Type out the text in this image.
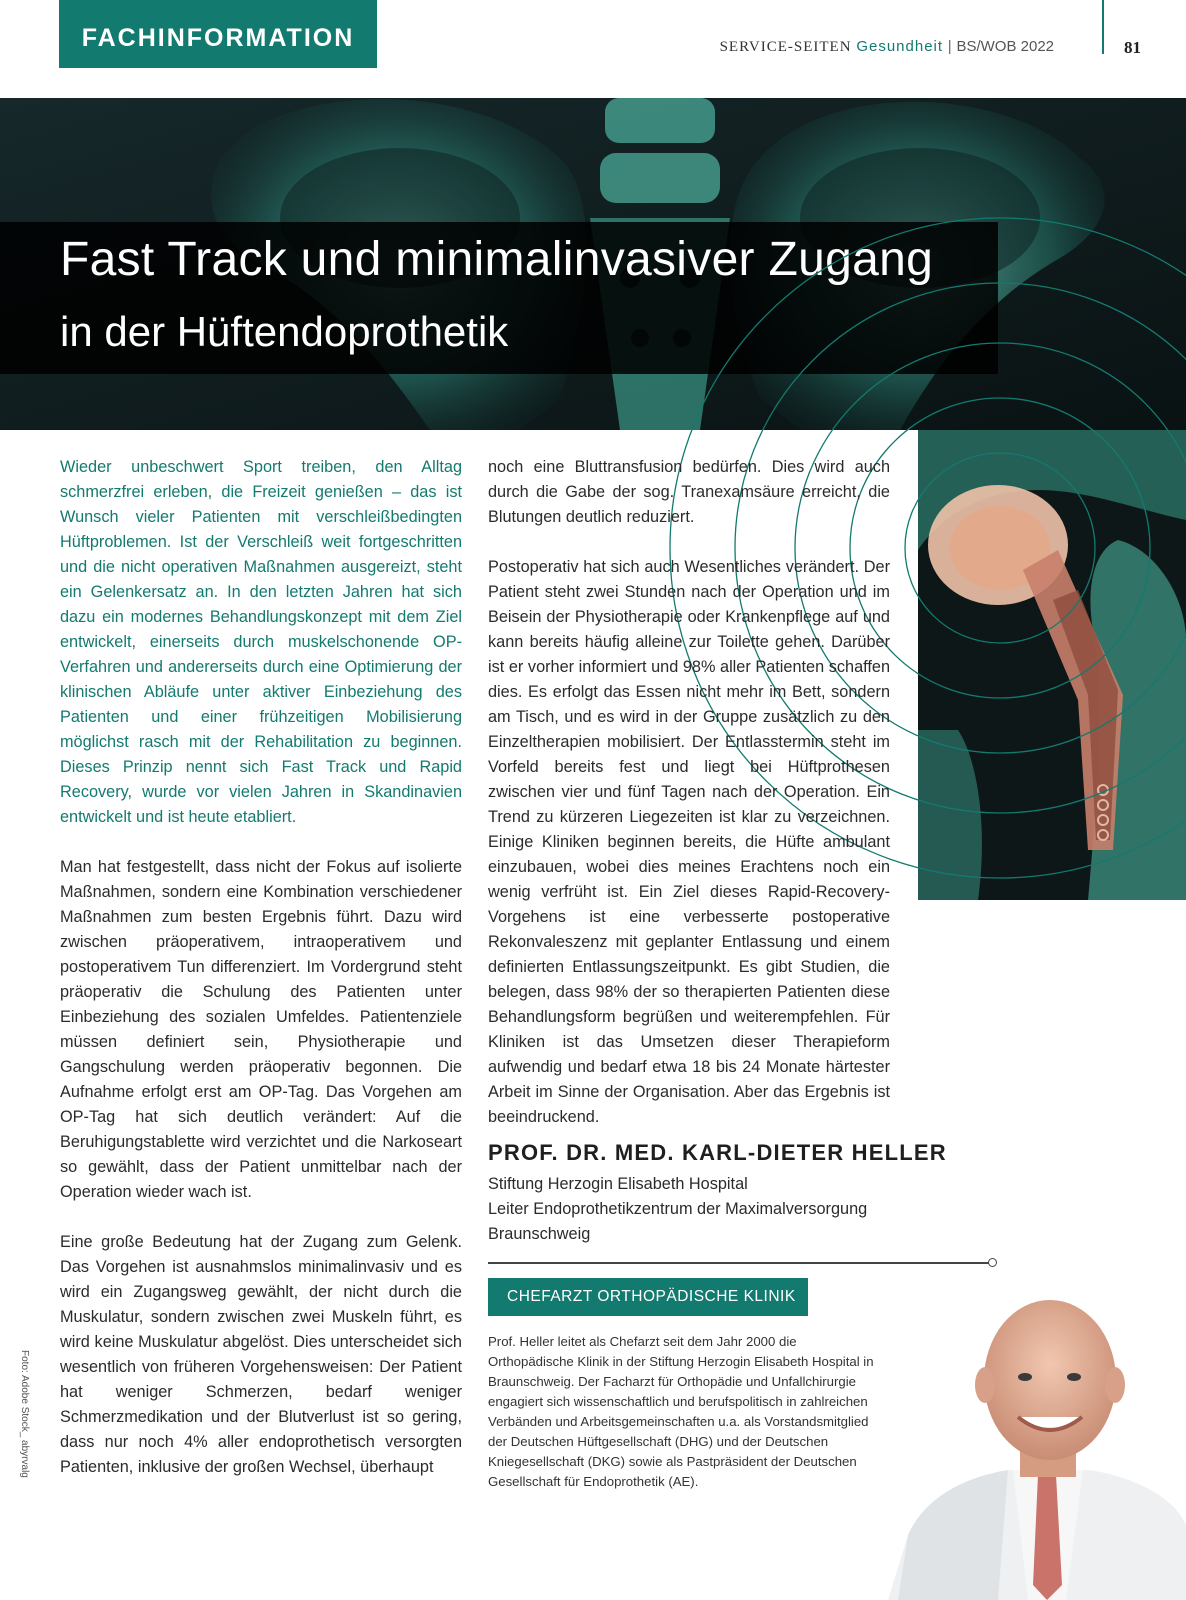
FACHINFORMATION	SERVICE-SEITEN Gesundheit | BS/WOB 2022	81
Fast Track und minimalinvasiver Zugang
in der Hüftendoprothetik

Wieder unbeschwert Sport treiben, den Alltag schmerzfrei erleben, die Freizeit genießen – das ist Wunsch vieler Patienten mit verschleißbedingten Hüftproblemen. Ist der Verschleiß weit fortgeschritten und die nicht operativen Maßnahmen ausgereizt, steht ein Gelenkersatz an. In den letzten Jahren hat sich dazu ein modernes Behandlungskonzept mit dem Ziel entwickelt, einerseits durch muskelschonende OP-Verfahren und andererseits durch eine Optimierung der klinischen Abläufe unter aktiver Einbeziehung des Patienten und einer frühzeitigen Mobilisierung möglichst rasch mit der Rehabilitation zu beginnen. Dieses Prinzip nennt sich Fast Track und Rapid Recovery, wurde vor vielen Jahren in Skandinavien entwickelt und ist heute etabliert.

Man hat festgestellt, dass nicht der Fokus auf isolierte Maßnahmen, sondern eine Kombination verschiedener Maßnahmen zum besten Ergebnis führt. Dazu wird zwischen präoperativem, intraoperativem und postoperativem Tun differenziert. Im Vordergrund steht präoperativ die Schulung des Patienten unter Einbeziehung des sozialen Umfeldes. Patientenziele müssen definiert sein, Physiotherapie und Gangschulung werden präoperativ begonnen. Die Aufnahme erfolgt erst am OP-Tag. Das Vorgehen am OP-Tag hat sich deutlich verändert: Auf die Beruhigungstablette wird verzichtet und die Narkoseart so gewählt, dass der Patient unmittelbar nach der Operation wieder wach ist.

Eine große Bedeutung hat der Zugang zum Gelenk. Das Vorgehen ist ausnahmslos minimalinvasiv und es wird ein Zugangsweg gewählt, der nicht durch die Muskulatur, sondern zwischen zwei Muskeln führt, es wird keine Muskulatur abgelöst. Dies unterscheidet sich wesentlich von früheren Vorgehensweisen: Der Patient hat weniger Schmerzen, bedarf weniger Schmerzmedikation und der Blutverlust ist so gering, dass nur noch 4% aller endoprothetisch versorgten Patienten, inklusive der großen Wechsel, überhaupt

noch eine Bluttransfusion bedürfen. Dies wird auch durch die Gabe der sog. Tranexamsäure erreicht, die Blutungen deutlich reduziert.

Postoperativ hat sich auch Wesentliches verändert. Der Patient steht zwei Stunden nach der Operation und im Beisein der Physiotherapie oder Krankenpflege auf und kann bereits häufig alleine zur Toilette gehen. Darüber ist er vorher informiert und 98% aller Patienten schaffen dies. Es erfolgt das Essen nicht mehr im Bett, sondern am Tisch, und es wird in der Gruppe zusätzlich zu den Einzeltherapien mobilisiert. Der Entlasstermin steht im Vorfeld bereits fest und liegt bei Hüftprothesen zwischen vier und fünf Tagen nach der Operation. Ein Trend zu kürzeren Liegezeiten ist klar zu verzeichnen. Einige Kliniken beginnen bereits, die Hüfte ambulant einzubauen, wobei dies meines Erachtens noch ein wenig verfrüht ist. Ein Ziel dieses Rapid-Recovery-Vorgehens ist eine verbesserte postoperative Rekonvaleszenz mit geplanter Entlassung und einem definierten Entlassungszeitpunkt. Es gibt Studien, die belegen, dass 98% der so therapierten Patienten diese Behandlungsform begrüßen und weiterempfehlen. Für Kliniken ist das Umsetzen dieser Therapieform aufwendig und bedarf etwa 18 bis 24 Monate härtester Arbeit im Sinne der Organisation. Aber das Ergebnis ist beeindruckend.

PROF. DR. MED. KARL-DIETER HELLER
Stiftung Herzogin Elisabeth Hospital
Leiter Endoprothetikzentrum der Maximalversorgung
Braunschweig
CHEFARZT ORTHOPÄDISCHE KLINIK
Prof. Heller leitet als Chefarzt seit dem Jahr 2000 die Orthopädische Klinik in der Stiftung Herzogin Elisabeth Hospital in Braunschweig. Der Facharzt für Orthopädie und Unfallchirurgie engagiert sich wissenschaftlich und berufspolitisch in zahlreichen Verbänden und Arbeitsgemeinschaften u.a. als Vorstandsmitglied der Deutschen Hüftgesellschaft (DHG) und der Deutschen Kniegesellschaft (DKG) sowie als Pastpräsident der Deutschen Gesellschaft für Endoprothetik (AE).
Foto: Adobe Stock_ abyrvalg
